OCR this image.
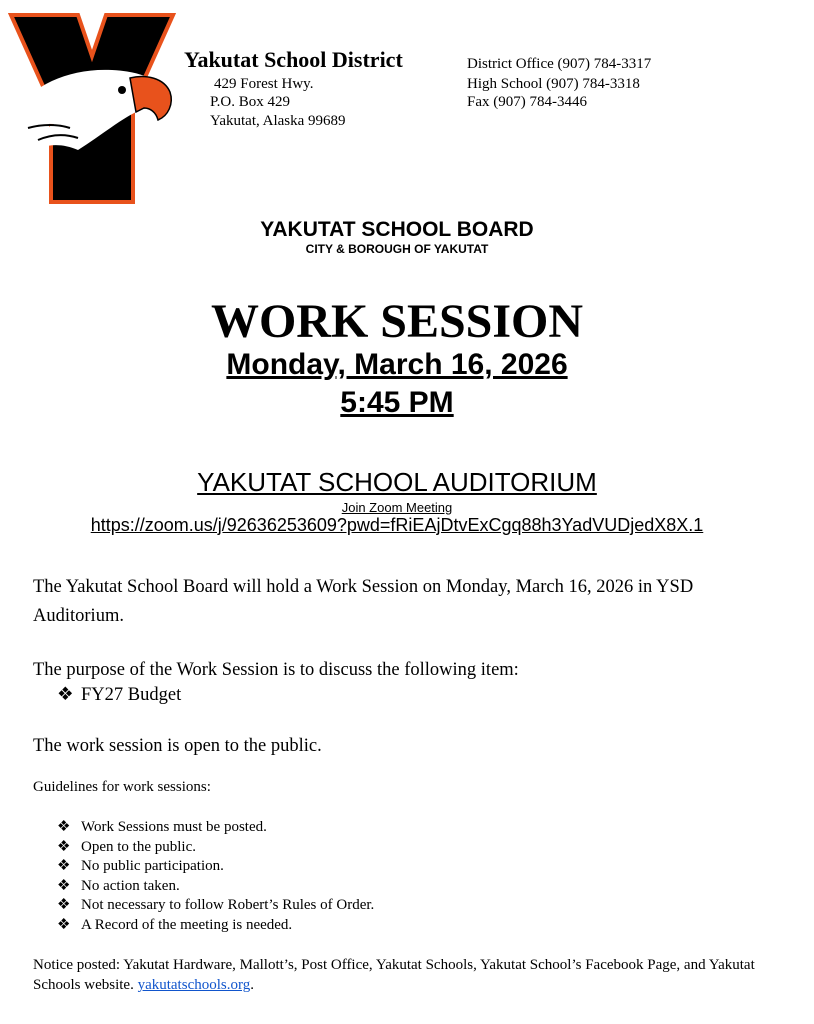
Yakutat School District
429 Forest Hwy.
P.O. Box 429
Yakutat, Alaska 99689
District Office (907) 784-3317
High School (907) 784-3318
Fax (907) 784-3446
YAKUTAT SCHOOL BOARD
CITY & BOROUGH OF YAKUTAT
WORK SESSION
Monday, March 16, 2026
5:45 PM
YAKUTAT SCHOOL AUDITORIUM
Join Zoom Meeting
https://zoom.us/j/92636253609?pwd=fRiEAjDtvExCgq88h3YadVUDjedX8X.1
The Yakutat School Board will hold a Work Session on Monday, March 16, 2026 in YSD Auditorium.
The purpose of the Work Session is to discuss the following item:
❖ FY27 Budget
The work session is open to the public.
Guidelines for work sessions:
❖ Work Sessions must be posted.
❖ Open to the public.
❖ No public participation.
❖ No action taken.
❖ Not necessary to follow Robert’s Rules of Order.
❖ A Record of the meeting is needed.
Notice posted: Yakutat Hardware, Mallott’s, Post Office, Yakutat Schools, Yakutat School’s Facebook Page, and Yakutat Schools website. yakutatschools.org.
